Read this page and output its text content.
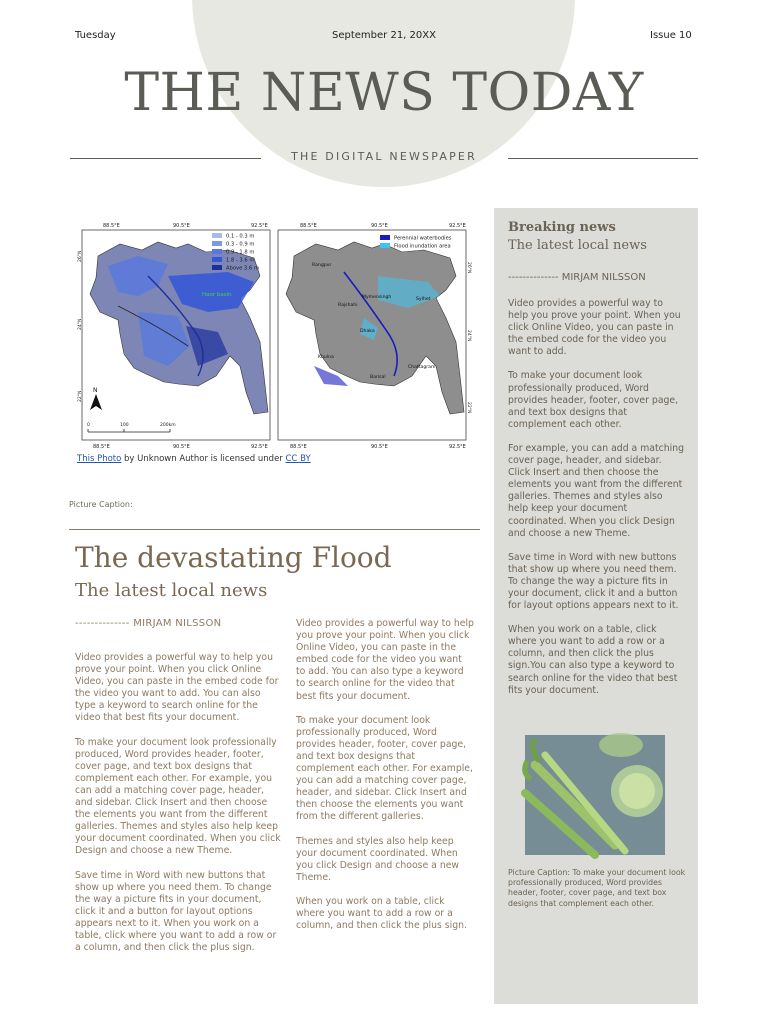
Tuesday	September 21, 20XX	Issue 10
THE NEWS TODAY
THE DIGITAL NEWSPAPER
88.5°E	90.5°E	92.5°E	88.5°E	90.5°E	92.5°E
Haor basin
0.1 - 0.3 m
0.3 - 0.9 m
0.9 - 1.8 m
1.8 - 3.6 m
Above 3.6 m
N
0	100	200km
26°N
24°N
22°N
Rangpur
Mymensingh	Sylhet
Rajshahi
Dhaka
Khulna
Barisal
Chattagram
Perennial waterbodies
Flood inundation area
26°N
24°N
22°N
88.5°E	90.5°E	92.5°E	88.5°E	90.5°E	92.5°E
This Photo by Unknown Author is licensed under CC BY
Picture Caption:
The devastating Flood
The latest local news
-------------- MIRJAM NILSSON

Video provides a powerful way to help you prove your point. When you click Online Video, you can paste in the embed code for the video you want to add. You can also type a keyword to search online for the video that best fits your document.

To make your document look professionally produced, Word provides header, footer, cover page, and text box designs that complement each other. For example, you can add a matching cover page, header, and sidebar. Click Insert and then choose the elements you want from the different galleries. Themes and styles also help keep your document coordinated. When you click Design and choose a new Theme.

Save time in Word with new buttons that show up where you need them. To change the way a picture fits in your document, click it and a button for layout options appears next to it. When you work on a table, click where you want to add a row or a column, and then click the plus sign.

Video provides a powerful way to help you prove your point. When you click Online Video, you can paste in the embed code for the video you want to add. You can also type a keyword to search online for the video that best fits your document.

To make your document look professionally produced, Word provides header, footer, cover page, and text box designs that complement each other. For example, you can add a matching cover page, header, and sidebar. Click Insert and then choose the elements you want from the different galleries.

Themes and styles also help keep your document coordinated. When you click Design and choose a new Theme.

When you work on a table, click where you want to add a row or a column, and then click the plus sign.

Breaking news
The latest local news
-------------- MIRJAM NILSSON

Video provides a powerful way to help you prove your point. When you click Online Video, you can paste in the embed code for the video you want to add.

To make your document look professionally produced, Word provides header, footer, cover page, and text box designs that complement each other.

For example, you can add a matching cover page, header, and sidebar. Click Insert and then choose the elements you want from the different galleries. Themes and styles also help keep your document coordinated. When you click Design and choose a new Theme.

Save time in Word with new buttons that show up where you need them. To change the way a picture fits in your document, click it and a button for layout options appears next to it.

When you work on a table, click where you want to add a row or a column, and then click the plus sign.You can also type a keyword to search online for the video that best fits your document.

Picture Caption: To make your document look professionally produced, Word provides header, footer, cover page, and text box designs that complement each other.
